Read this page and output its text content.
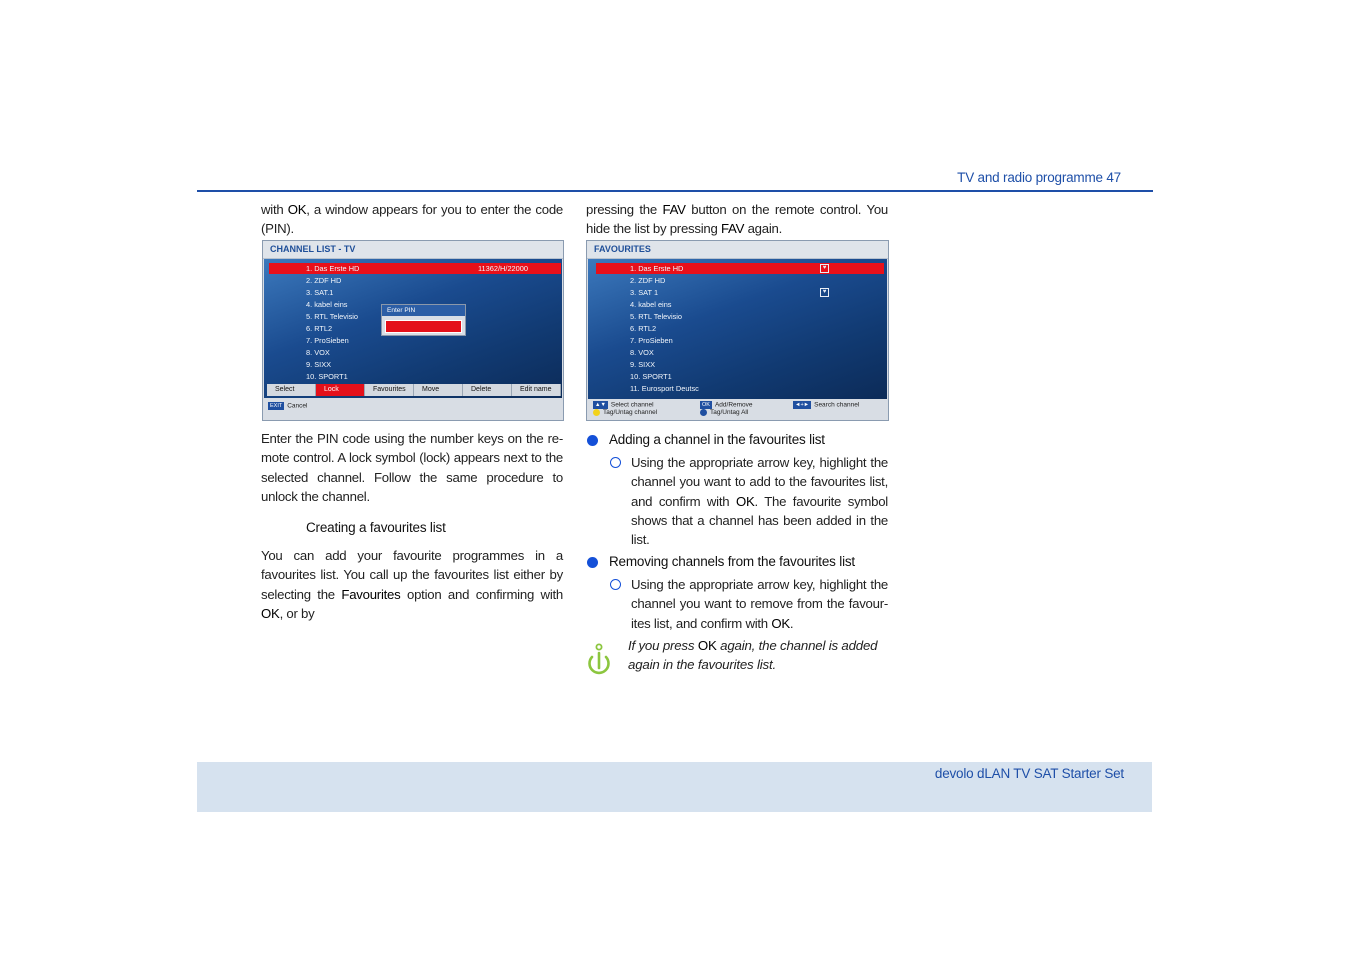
TV and radio programme 47
with OK, a window appears for you to enter the code (PIN).
CHANNEL LIST - TV
1. Das Erste HD	11362/H/22000
2. ZDF HD
3. SAT.1
4. kabel eins
5. RTL Televisio
6. RTL2
7. ProSieben
8. VOX
9. SIXX
10. SPORT1
Enter PIN
Select	Lock	Favourites	Move	Delete	Edit name
EXIT Cancel
Enter the PIN code using the number keys on the re-mote control. A lock symbol (lock) appears next to the selected channel. Follow the same procedure to unlock the channel.
Creating a favourites list
You can add your favourite programmes in a favourites list. You call up the favourites list either by selecting the Favourites option and confirming with OK, or by
pressing the FAV button on the remote control. You hide the list by pressing FAV again.
FAVOURITES
1. Das Erste HD	♥
2. ZDF HD
3. SAT 1	♥
4. kabel eins
5. RTL Televisio
6. RTL2
7. ProSieben
8. VOX
9. SIXX
10. SPORT1
11. Eurosport Deutsc
▲▼ Select channel	OK Add/Remove	◄+► Search channel
Tag/Untag channel	Tag/Untag All
Adding a channel in the favourites list
Using the appropriate arrow key, highlight the channel you want to add to the favourites list, and confirm with OK. The favourite symbol shows that a channel has been added in the list.
Removing channels from the favourites list
Using the appropriate arrow key, highlight the channel you want to remove from the favour-ites list, and confirm with OK.
If you press OK again, the channel is added again in the favourites list.
devolo dLAN TV SAT Starter Set
